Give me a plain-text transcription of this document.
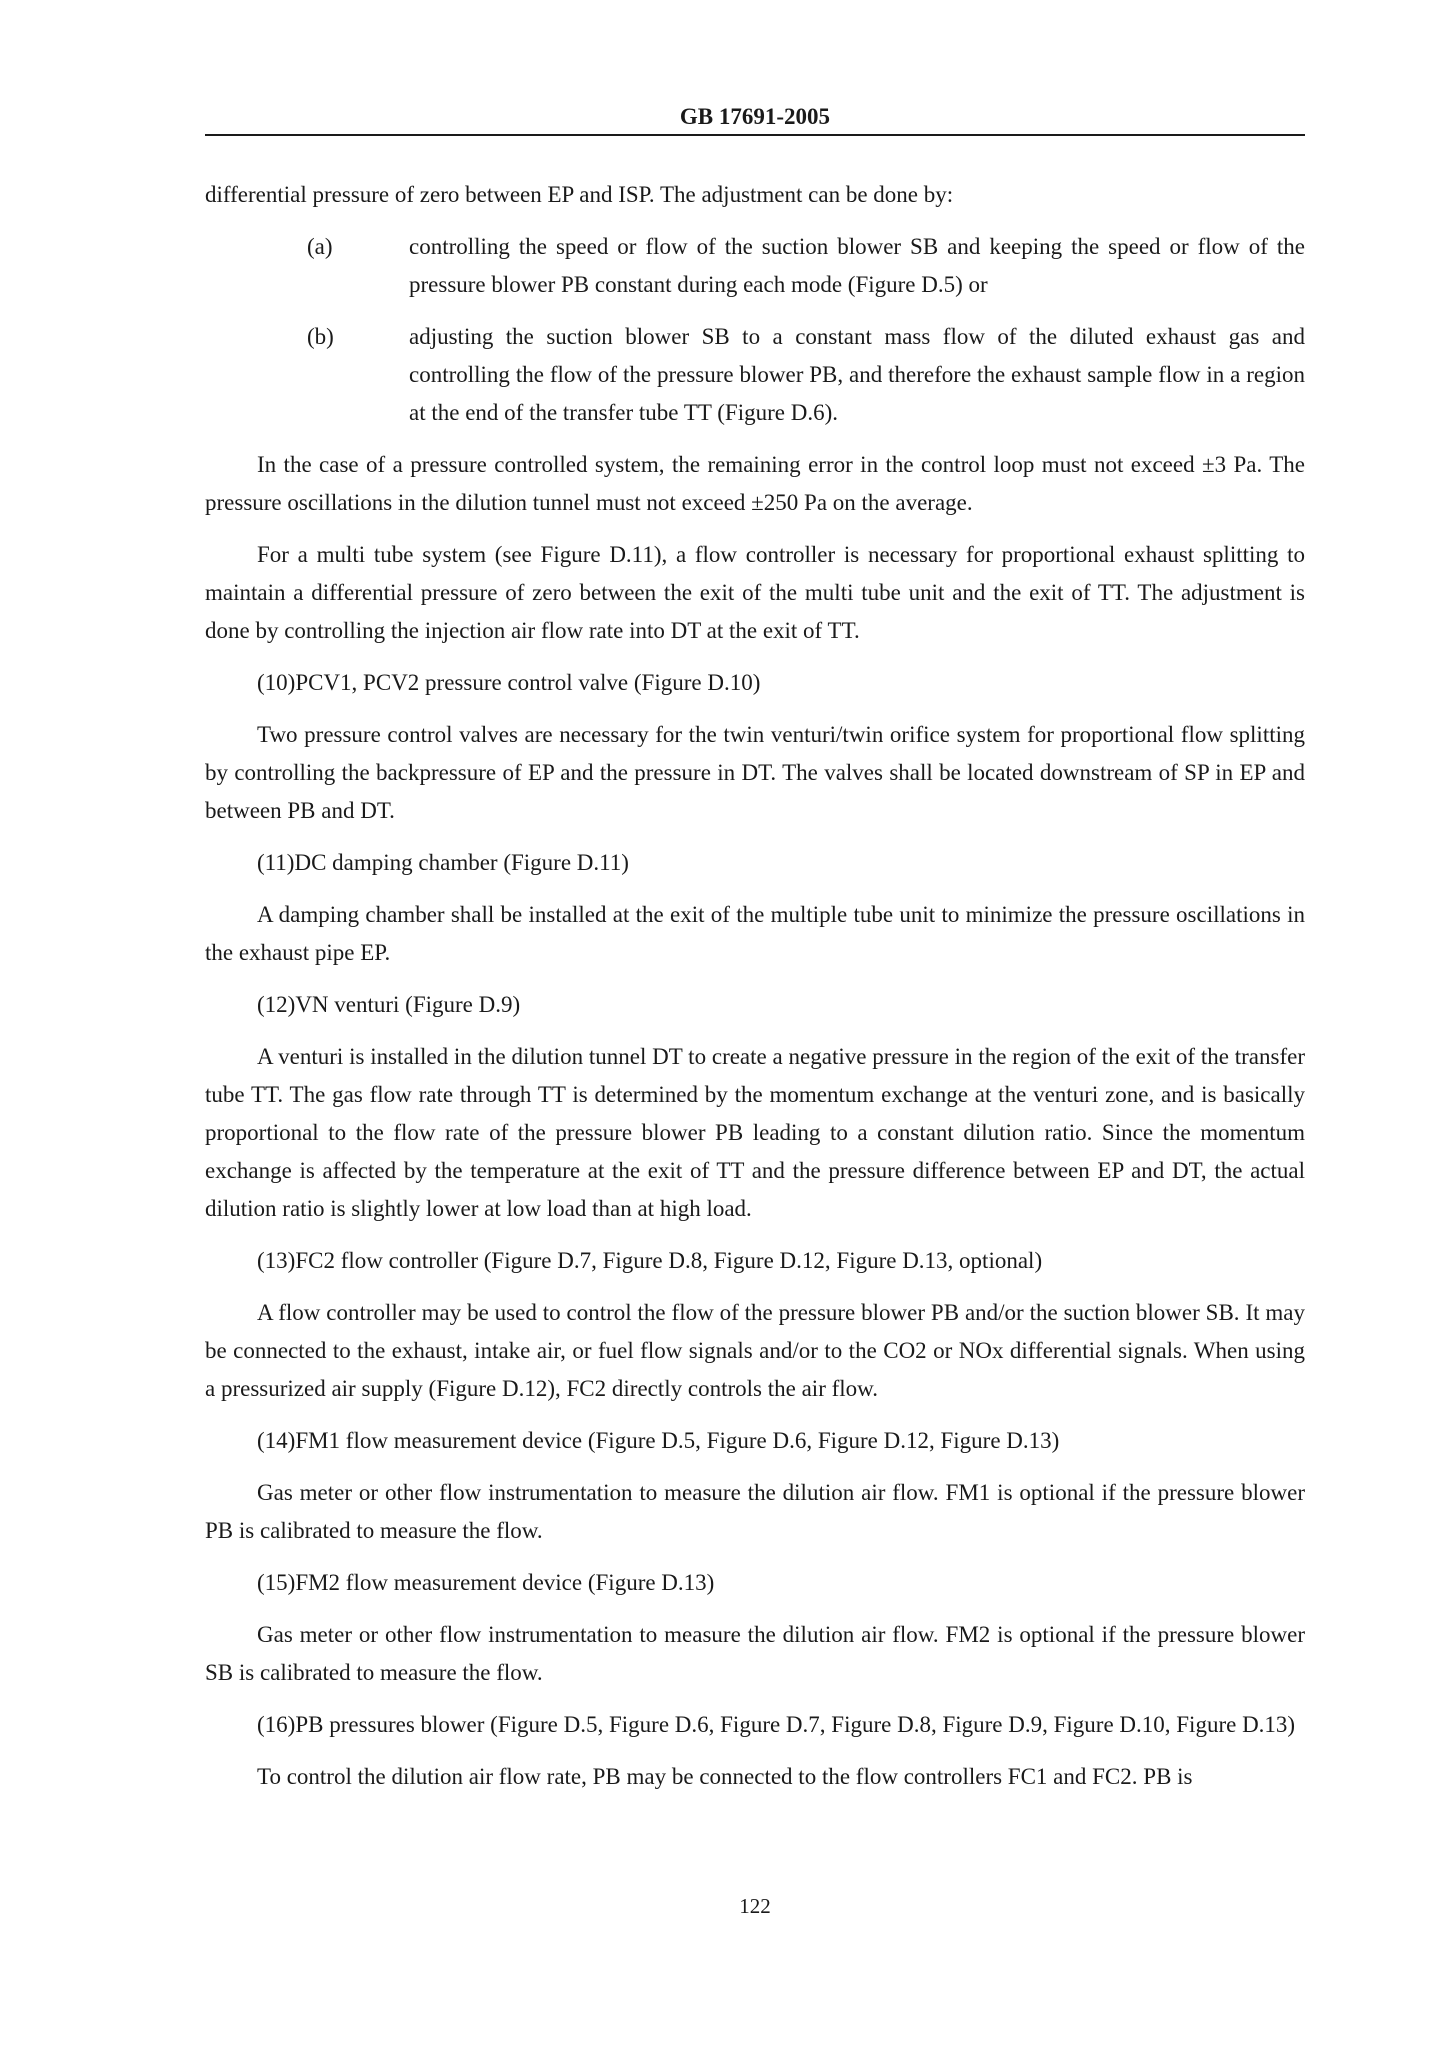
GB 17691-2005

differential pressure of zero between EP and ISP. The adjustment can be done by:

(a)	controlling the speed or flow of the suction blower SB and keeping the speed or flow of the pressure blower PB constant during each mode (Figure D.5) or
(b)	adjusting the suction blower SB to a constant mass flow of the diluted exhaust gas and controlling the flow of the pressure blower PB, and therefore the exhaust sample flow in a region at the end of the transfer tube TT (Figure D.6).

In the case of a pressure controlled system, the remaining error in the control loop must not exceed ±3 Pa. The pressure oscillations in the dilution tunnel must not exceed ±250 Pa on the average.

For a multi tube system (see Figure D.11), a flow controller is necessary for proportional exhaust splitting to maintain a differential pressure of zero between the exit of the multi tube unit and the exit of TT. The adjustment is done by controlling the injection air flow rate into DT at the exit of TT.

(10)PCV1, PCV2 pressure control valve (Figure D.10)

Two pressure control valves are necessary for the twin venturi/twin orifice system for proportional flow splitting by controlling the backpressure of EP and the pressure in DT. The valves shall be located downstream of SP in EP and between PB and DT.

(11)DC damping chamber (Figure D.11)

A damping chamber shall be installed at the exit of the multiple tube unit to minimize the pressure oscillations in the exhaust pipe EP.

(12)VN venturi (Figure D.9)

A venturi is installed in the dilution tunnel DT to create a negative pressure in the region of the exit of the transfer tube TT. The gas flow rate through TT is determined by the momentum exchange at the venturi zone, and is basically proportional to the flow rate of the pressure blower PB leading to a constant dilution ratio. Since the momentum exchange is affected by the temperature at the exit of TT and the pressure difference between EP and DT, the actual dilution ratio is slightly lower at low load than at high load.

(13)FC2 flow controller (Figure D.7, Figure D.8, Figure D.12, Figure D.13, optional)

A flow controller may be used to control the flow of the pressure blower PB and/or the suction blower SB. It may be connected to the exhaust, intake air, or fuel flow signals and/or to the CO2 or NOx differential signals. When using a pressurized air supply (Figure D.12), FC2 directly controls the air flow.

(14)FM1 flow measurement device (Figure D.5, Figure D.6, Figure D.12, Figure D.13)

Gas meter or other flow instrumentation to measure the dilution air flow. FM1 is optional if the pressure blower PB is calibrated to measure the flow.

(15)FM2 flow measurement device (Figure D.13)

Gas meter or other flow instrumentation to measure the dilution air flow. FM2 is optional if the pressure blower SB is calibrated to measure the flow.

(16)PB pressures blower (Figure D.5, Figure D.6, Figure D.7, Figure D.8, Figure D.9, Figure D.10, Figure D.13)

To control the dilution air flow rate, PB may be connected to the flow controllers FC1 and FC2. PB is

122
